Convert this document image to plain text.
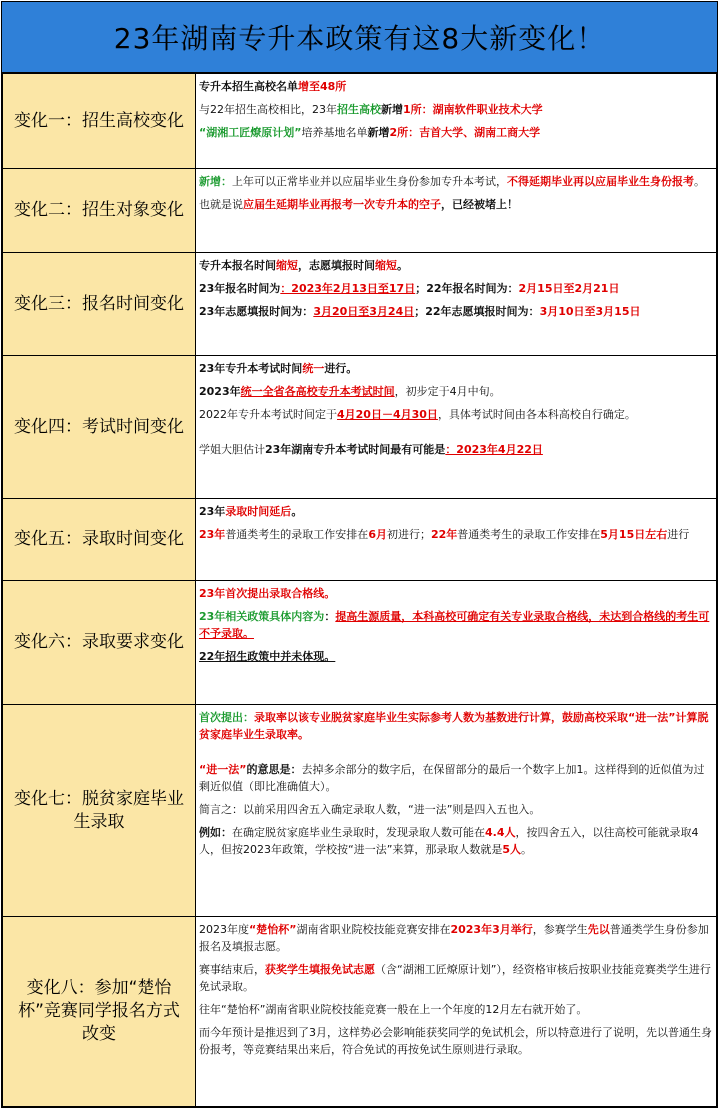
23年湖南专升本政策有这8大新变化！
变化一：招生高校变化	专升本招生高校名单增至48所

与22年招生高校相比，23年招生高校新增1所：湖南软件职业技术大学

“湖湘工匠燎原计划”培养基地名单新增2所：吉首大学、湖南工商大学

变化二：招生对象变化	新增：上年可以正常毕业并以应届毕业生身份参加专升本考试，不得延期毕业再以应届毕业生身份报考。

也就是说应届生延期毕业再报考一次专升本的空子，已经被堵上！

变化三：报名时间变化	专升本报名时间缩短，志愿填报时间缩短。

23年报名时间为：2023年2月13日至17日；22年报名时间为：2月15日至2月21日

23年志愿填报时间为：3月20日至3月24日；22年志愿填报时间为：3月10日至3月15日

变化四：考试时间变化	23年专升本考试时间统一进行。

2023年统一全省各高校专升本考试时间，初步定于4月中旬。

2022年专升本考试时间定于4月20日－4月30日，具体考试时间由各本科高校自行确定。

学姐大胆估计23年湖南专升本考试时间最有可能是：2023年4月22日

变化五：录取时间变化	23年录取时间延后。

23年普通类考生的录取工作安排在6月初进行；22年普通类考生的录取工作安排在5月15日左右进行

变化六：录取要求变化	23年首次提出录取合格线。

23年相关政策具体内容为：提高生源质量，本科高校可确定有关专业录取合格线，未达到合格线的考生可不予录取。

22年招生政策中并未体现。

变化七：脱贫家庭毕业生录取	首次提出：录取率以该专业脱贫家庭毕业生实际参考人数为基数进行计算，鼓励高校采取“进一法”计算脱贫家庭毕业生录取率。

“进一法”的意思是：去掉多余部分的数字后，在保留部分的最后一个数字上加1。这样得到的近似值为过剩近似值（即比准确值大）。

简言之：以前采用四舍五入确定录取人数，“进一法”则是四入五也入。

例如：在确定脱贫家庭毕业生录取时，发现录取人数可能在4.4人，按四舍五入，以往高校可能就录取4人，但按2023年政策，学校按“进一法”来算，那录取人数就是5人。

变化八：参加“楚怡杯”竞赛同学报名方式改变	2023年度“楚怡杯”湖南省职业院校技能竞赛安排在2023年3月举行，参赛学生先以普通类学生身份参加报名及填报志愿。

赛事结束后，获奖学生填报免试志愿（含“湖湘工匠燎原计划”），经资格审核后按职业技能竞赛类学生进行免试录取。

往年“楚怡杯”湖南省职业院校技能竞赛一般在上一个年度的12月左右就开始了。

而今年预计是推迟到了3月，这样势必会影响能获奖同学的免试机会，所以特意进行了说明，先以普通生身份报考，等竞赛结果出来后，符合免试的再按免试生原则进行录取。
